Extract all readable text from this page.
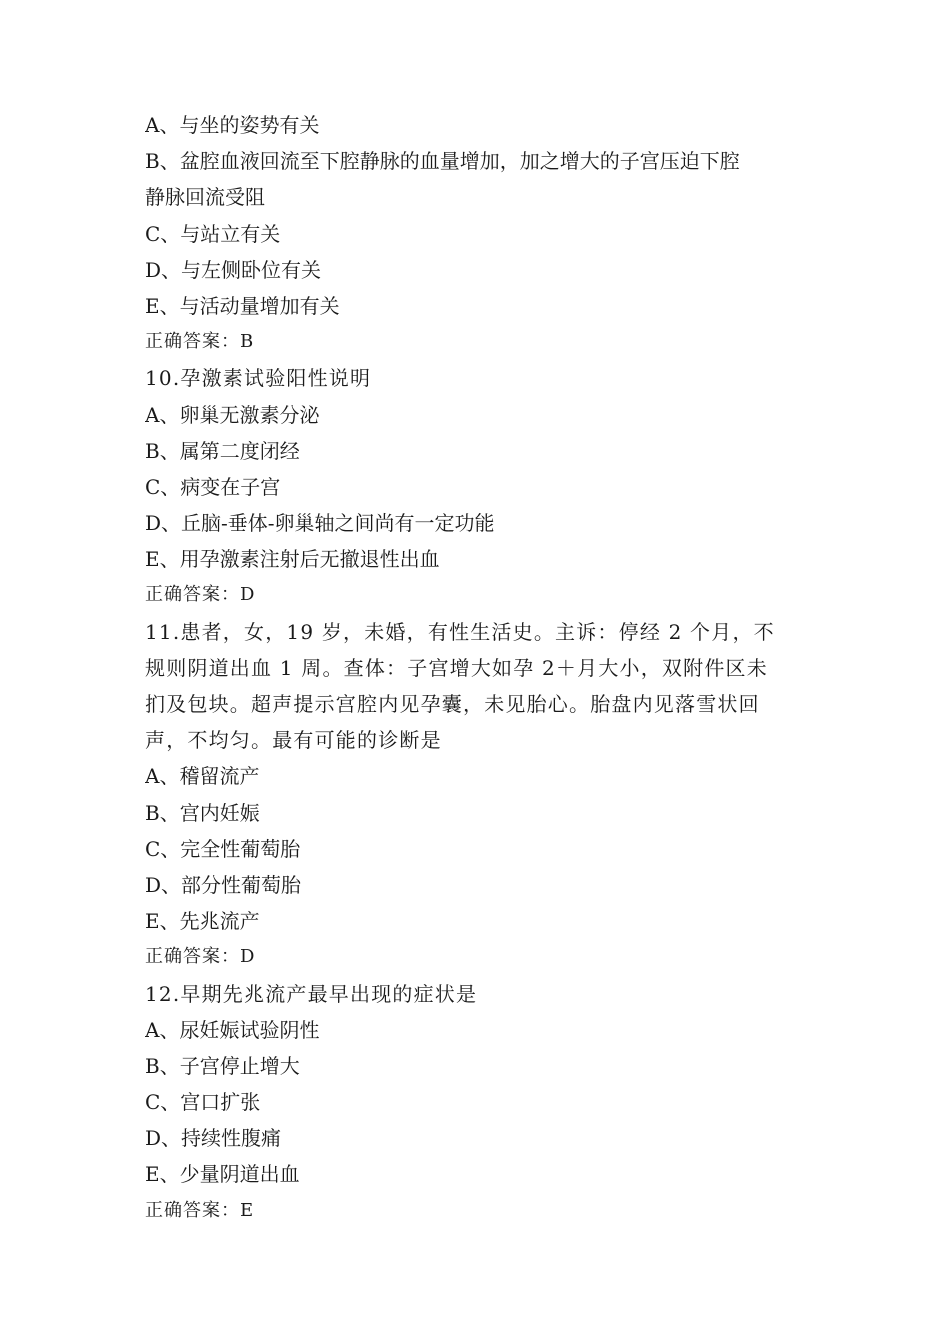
A、与坐的姿势有关
B、盆腔血液回流至下腔静脉的血量增加，加之增大的子宫压迫下腔
静脉回流受阻
C、与站立有关
D、与左侧卧位有关
E、与活动量增加有关
正确答案：B
10.孕激素试验阳性说明
A、卵巢无激素分泌
B、属第二度闭经
C、病变在子宫
D、丘脑-垂体-卵巢轴之间尚有一定功能
E、用孕激素注射后无撤退性出血
正确答案：D
11.患者，女，19 岁，未婚，有性生活史。主诉：停经 2 个月，不
规则阴道出血 1 周。查体：子宫增大如孕 2＋月大小，双附件区未
扪及包块。超声提示宫腔内见孕囊，未见胎心。胎盘内见落雪状回
声，不均匀。最有可能的诊断是
A、稽留流产
B、宫内妊娠
C、完全性葡萄胎
D、部分性葡萄胎
E、先兆流产
正确答案：D
12.早期先兆流产最早出现的症状是
A、尿妊娠试验阴性
B、子宫停止增大
C、宫口扩张
D、持续性腹痛
E、少量阴道出血
正确答案：E
